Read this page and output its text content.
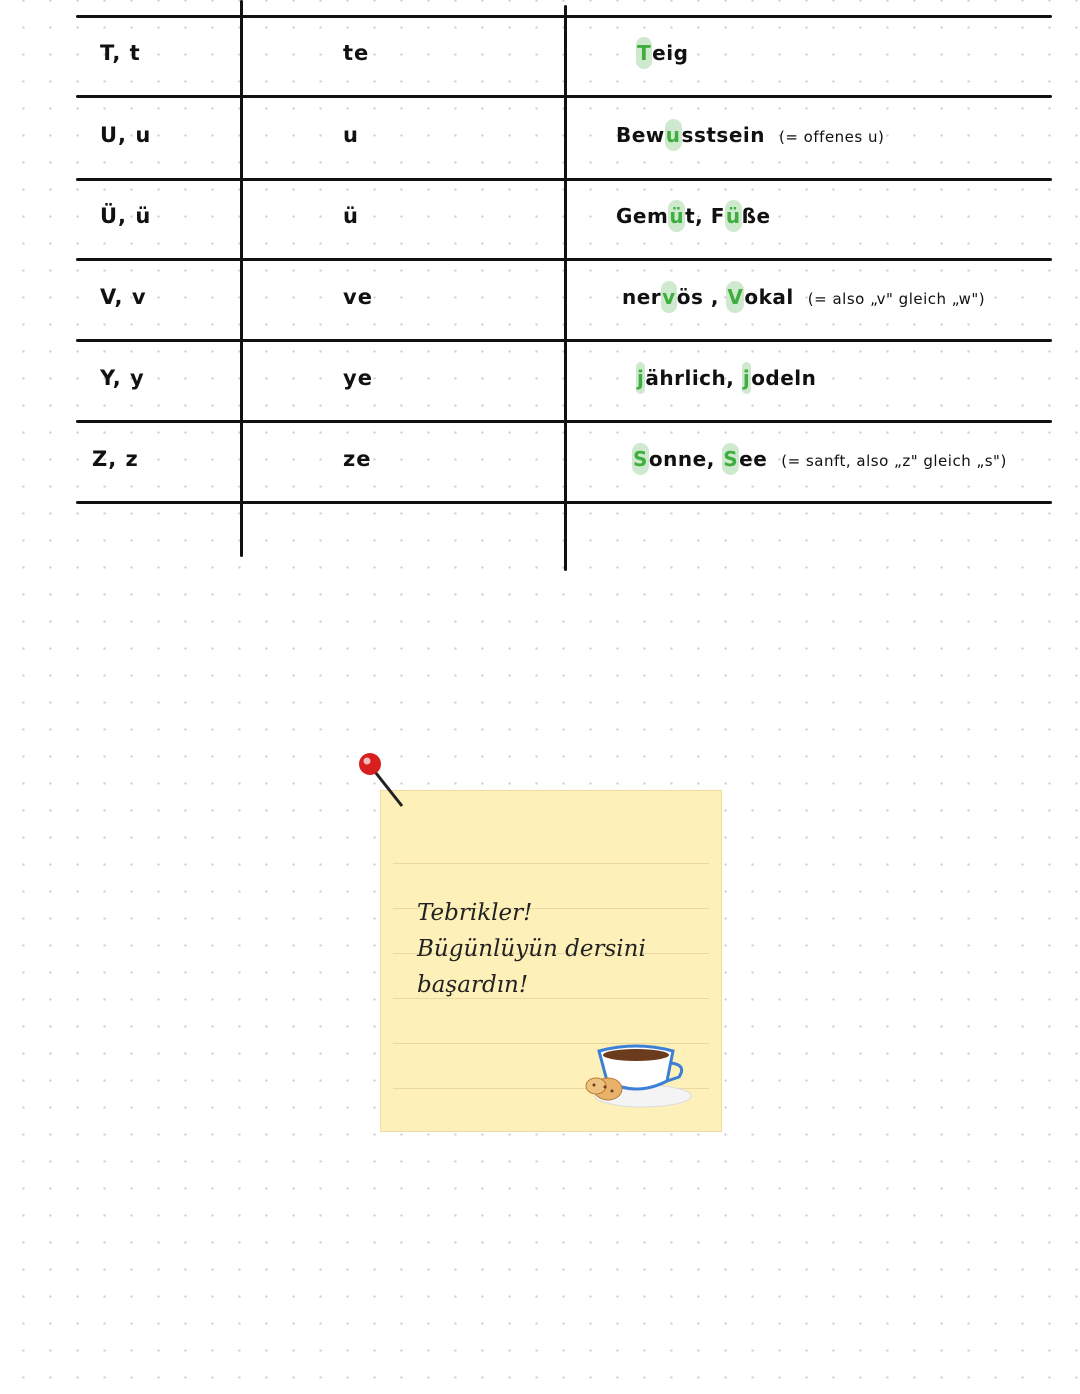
T, t	te	Teig
U, u	u	Bewusstsein (= offenes u)
Ü, ü	ü	Gemüt, Füße
V, v	ve	nervös , Vokal (= also „v" gleich „w")
Y, y	ye	jährlich, jodeln
Z, z	ze	Sonne, See (= sanft, also „z" gleich „s")
Tebrikler!
Bügünlüyün dersini
başardın!
